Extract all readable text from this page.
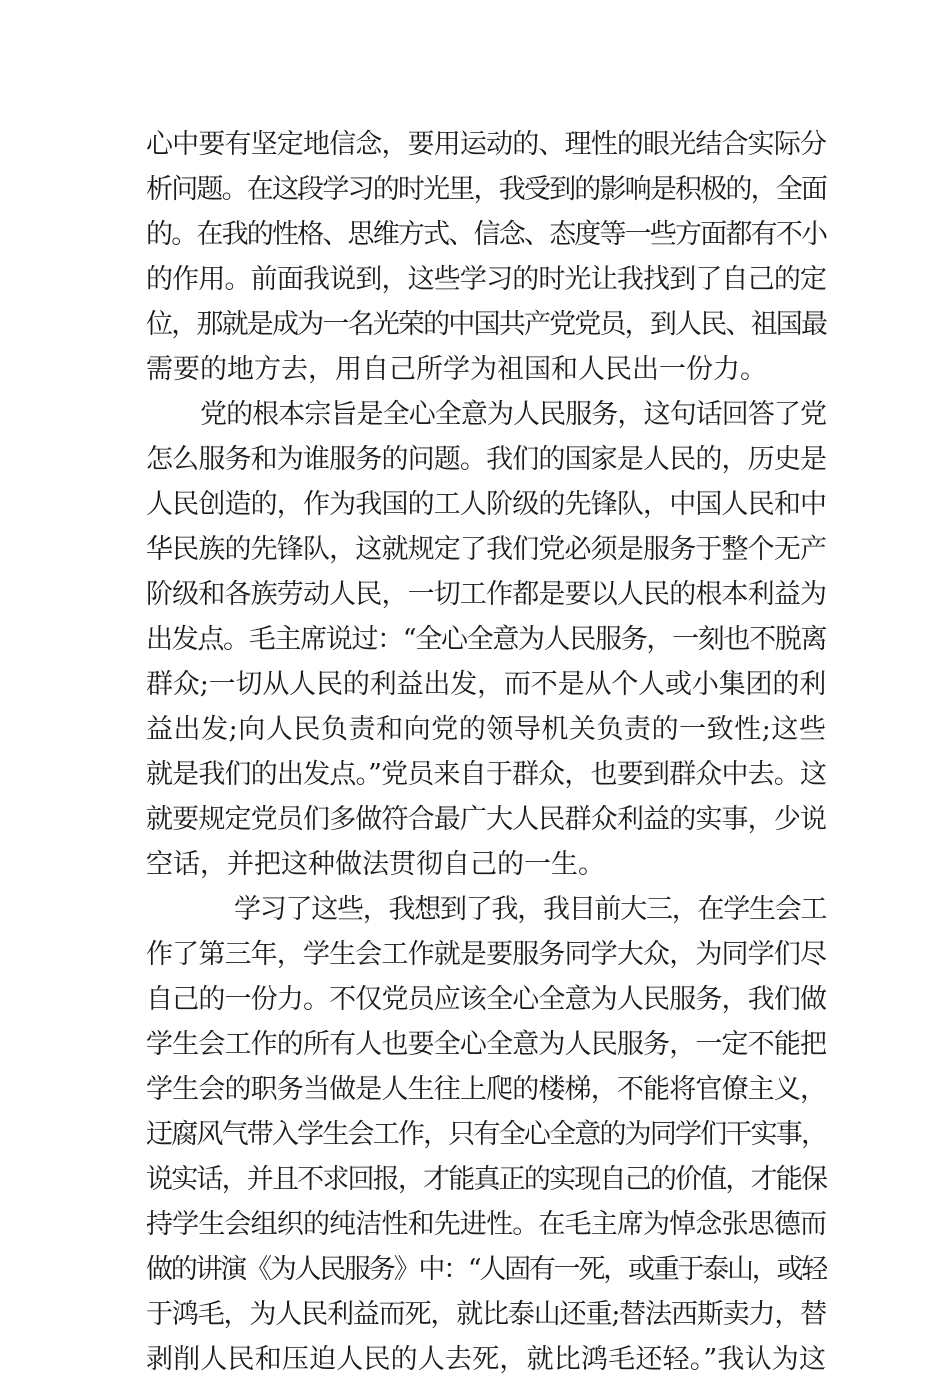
心中要有坚定地信念，要用运动的、理性的眼光结合实际分
析问题。在这段学习的时光里，我受到的影响是积极的，全面
的。在我的性格、思维方式、信念、态度等一些方面都有不小
的作用。前面我说到，这些学习的时光让我找到了自己的定
位，那就是成为一名光荣的中国共产党党员，到人民、祖国最
需要的地方去，用自己所学为祖国和人民出一份力。
党的根本宗旨是全心全意为人民服务，这句话回答了党
怎么服务和为谁服务的问题。我们的国家是人民的，历史是
人民创造的，作为我国的工人阶级的先锋队，中国人民和中
华民族的先锋队，这就规定了我们党必须是服务于整个无产
阶级和各族劳动人民，一切工作都是要以人民的根本利益为
出发点。毛主席说过：“全心全意为人民服务，一刻也不脱离
群众;一切从人民的利益出发，而不是从个人或小集团的利
益出发;向人民负责和向党的领导机关负责的一致性;这些
就是我们的出发点。”党员来自于群众，也要到群众中去。这
就要规定党员们多做符合最广大人民群众利益的实事，少说
空话，并把这种做法贯彻自己的一生。
学习了这些，我想到了我，我目前大三，在学生会工
作了第三年，学生会工作就是要服务同学大众，为同学们尽
自己的一份力。不仅党员应该全心全意为人民服务，我们做
学生会工作的所有人也要全心全意为人民服务，一定不能把
学生会的职务当做是人生往上爬的楼梯，不能将官僚主义，
迂腐风气带入学生会工作，只有全心全意的为同学们干实事，
说实话，并且不求回报，才能真正的实现自己的价值，才能保
持学生会组织的纯洁性和先进性。在毛主席为悼念张思德而
做的讲演《为人民服务》中：“人固有一死，或重于泰山，或轻
于鸿毛，为人民利益而死，就比泰山还重;替法西斯卖力，替
剥削人民和压迫人民的人去死，就比鸿毛还轻。”我认为这
